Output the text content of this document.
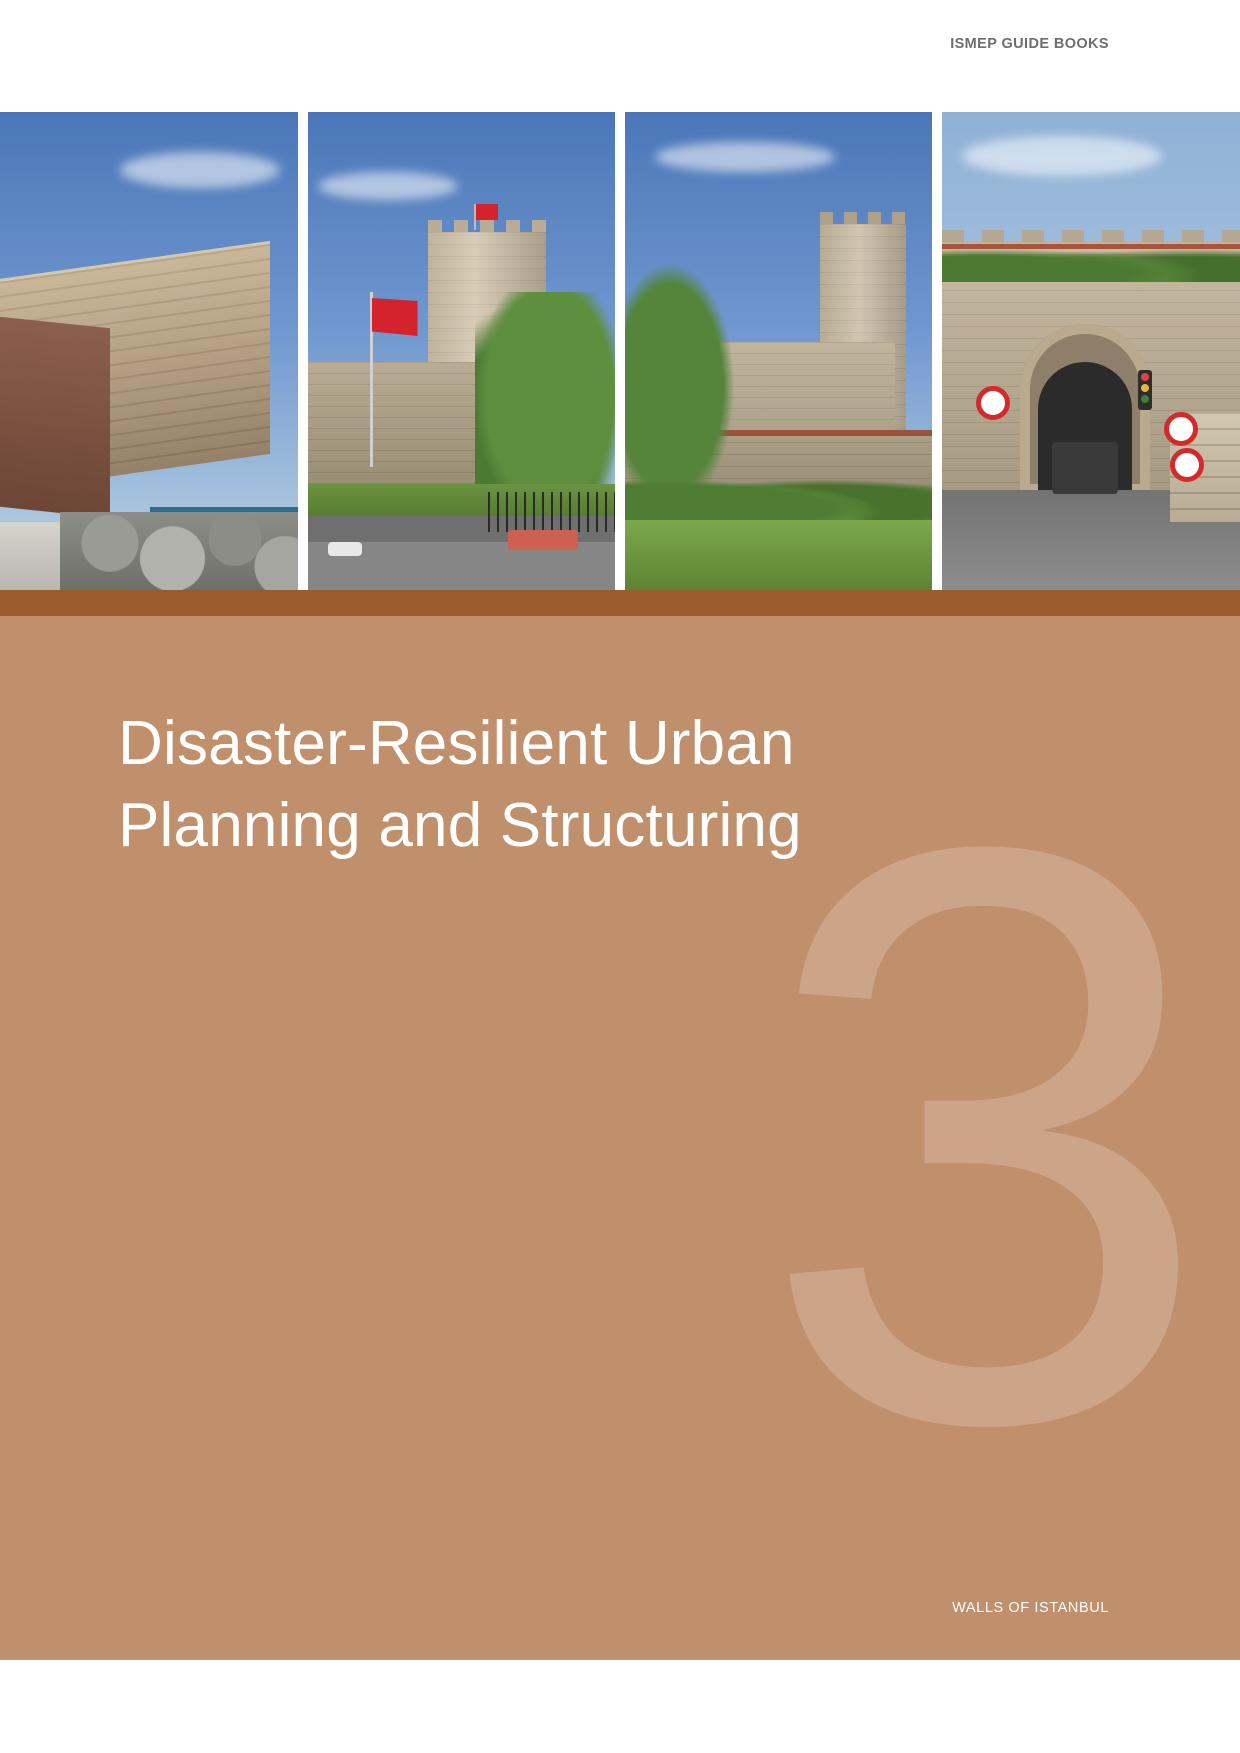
ISMEP GUIDE BOOKS
3
Disaster-Resilient Urban Planning and Structuring
WALLS OF ISTANBUL
